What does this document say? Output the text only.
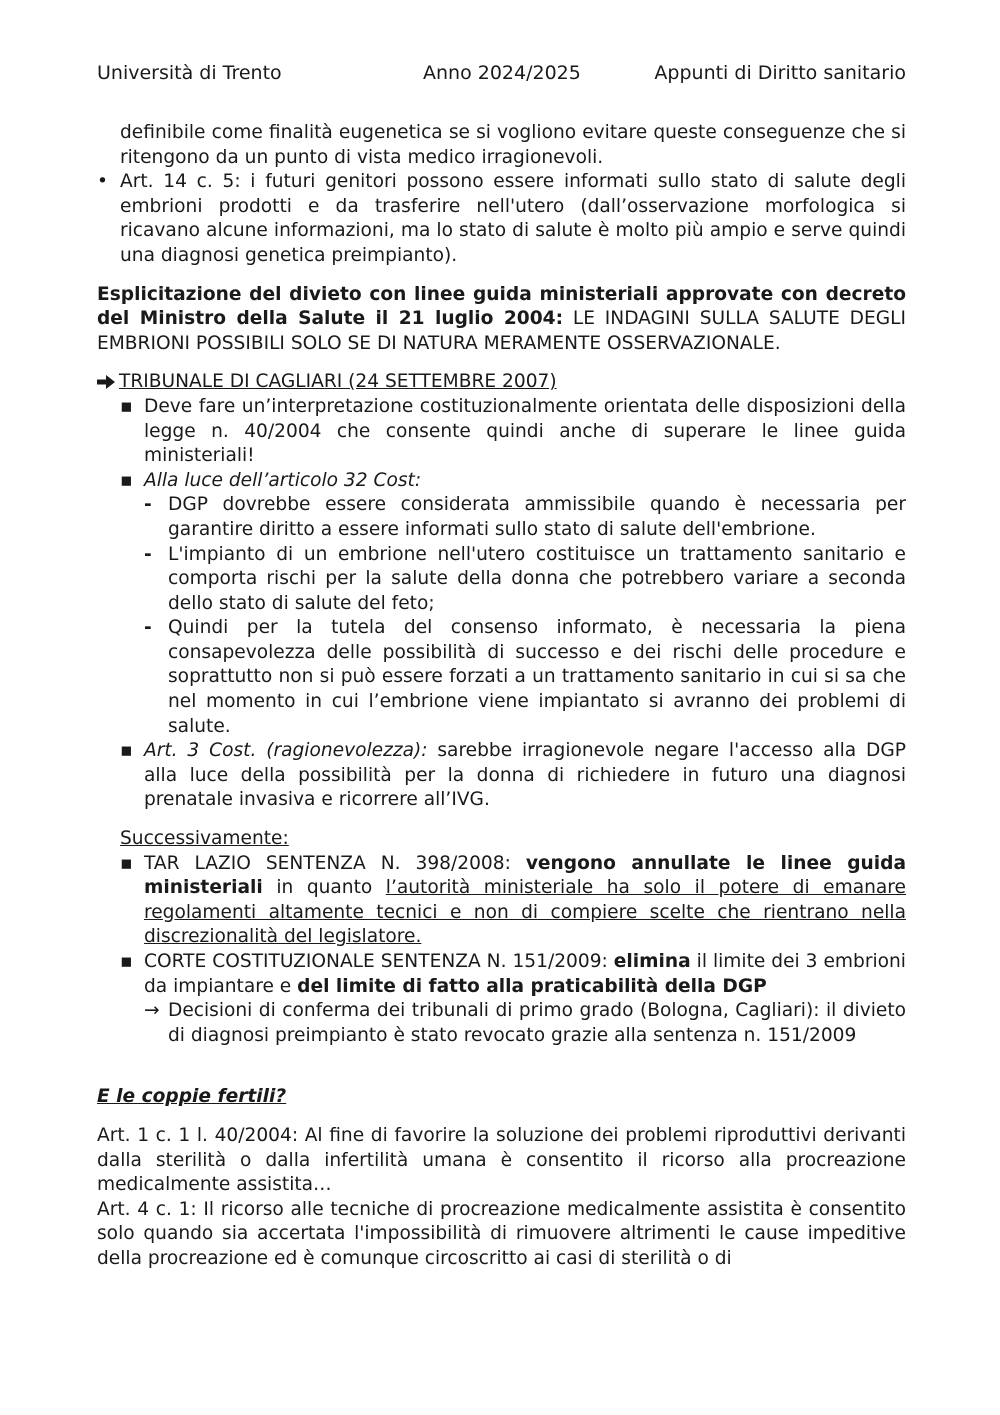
Università di Trento	Anno 2024/2025	Appunti di Diritto sanitario

definibile come finalità eugenetica se si vogliono evitare queste conseguenze che si ritengono da un punto di vista medico irragionevoli.

• Art. 14 c. 5: i futuri genitori possono essere informati sullo stato di salute degli embrioni prodotti e da trasferire nell'utero (dall’osservazione morfologica si ricavano alcune informazioni, ma lo stato di salute è molto più ampio e serve quindi una diagnosi genetica preimpianto).

Esplicitazione del divieto con linee guida ministeriali approvate con decreto del Ministro della Salute il 21 luglio 2004: LE INDAGINI SULLA SALUTE DEGLI EMBRIONI POSSIBILI SOLO SE DI NATURA MERAMENTE OSSERVAZIONALE.

TRIBUNALE DI CAGLIARI (24 SETTEMBRE 2007)

▪ Deve fare un’interpretazione costituzionalmente orientata delle disposizioni della legge n. 40/2004 che consente quindi anche di superare le linee guida ministeriali!
▪ Alla luce dell’articolo 32 Cost:
- DGP dovrebbe essere considerata ammissibile quando è necessaria per garantire diritto a essere informati sullo stato di salute dell'embrione.
- L'impianto di un embrione nell'utero costituisce un trattamento sanitario e comporta rischi per la salute della donna che potrebbero variare a seconda dello stato di salute del feto;
- Quindi per la tutela del consenso informato, è necessaria la piena consapevolezza delle possibilità di successo e dei rischi delle procedure e soprattutto non si può essere forzati a un trattamento sanitario in cui si sa che nel momento in cui l’embrione viene impiantato si avranno dei problemi di salute.
▪ Art. 3 Cost. (ragionevolezza): sarebbe irragionevole negare l'accesso alla DGP alla luce della possibilità per la donna di richiedere in futuro una diagnosi prenatale invasiva e ricorrere all’IVG.

Successivamente:

▪ TAR LAZIO SENTENZA N. 398/2008: vengono annullate le linee guida ministeriali in quanto l’autorità ministeriale ha solo il potere di emanare regolamenti altamente tecnici e non di compiere scelte che rientrano nella discrezionalità del legislatore.
▪ CORTE COSTITUZIONALE SENTENZA N. 151/2009: elimina il limite dei 3 embrioni da impiantare e del limite di fatto alla praticabilità della DGP
→ Decisioni di conferma dei tribunali di primo grado (Bologna, Cagliari): il divieto di diagnosi preimpianto è stato revocato grazie alla sentenza n. 151/2009

E le coppie fertili?

Art. 1 c. 1 l. 40/2004: Al fine di favorire la soluzione dei problemi riproduttivi derivanti dalla sterilità o dalla infertilità umana è consentito il ricorso alla procreazione medicalmente assistita…

Art. 4 c. 1: Il ricorso alle tecniche di procreazione medicalmente assistita è consentito solo quando sia accertata l'impossibilità di rimuovere altrimenti le cause impeditive della procreazione ed è comunque circoscritto ai casi di sterilità o di
